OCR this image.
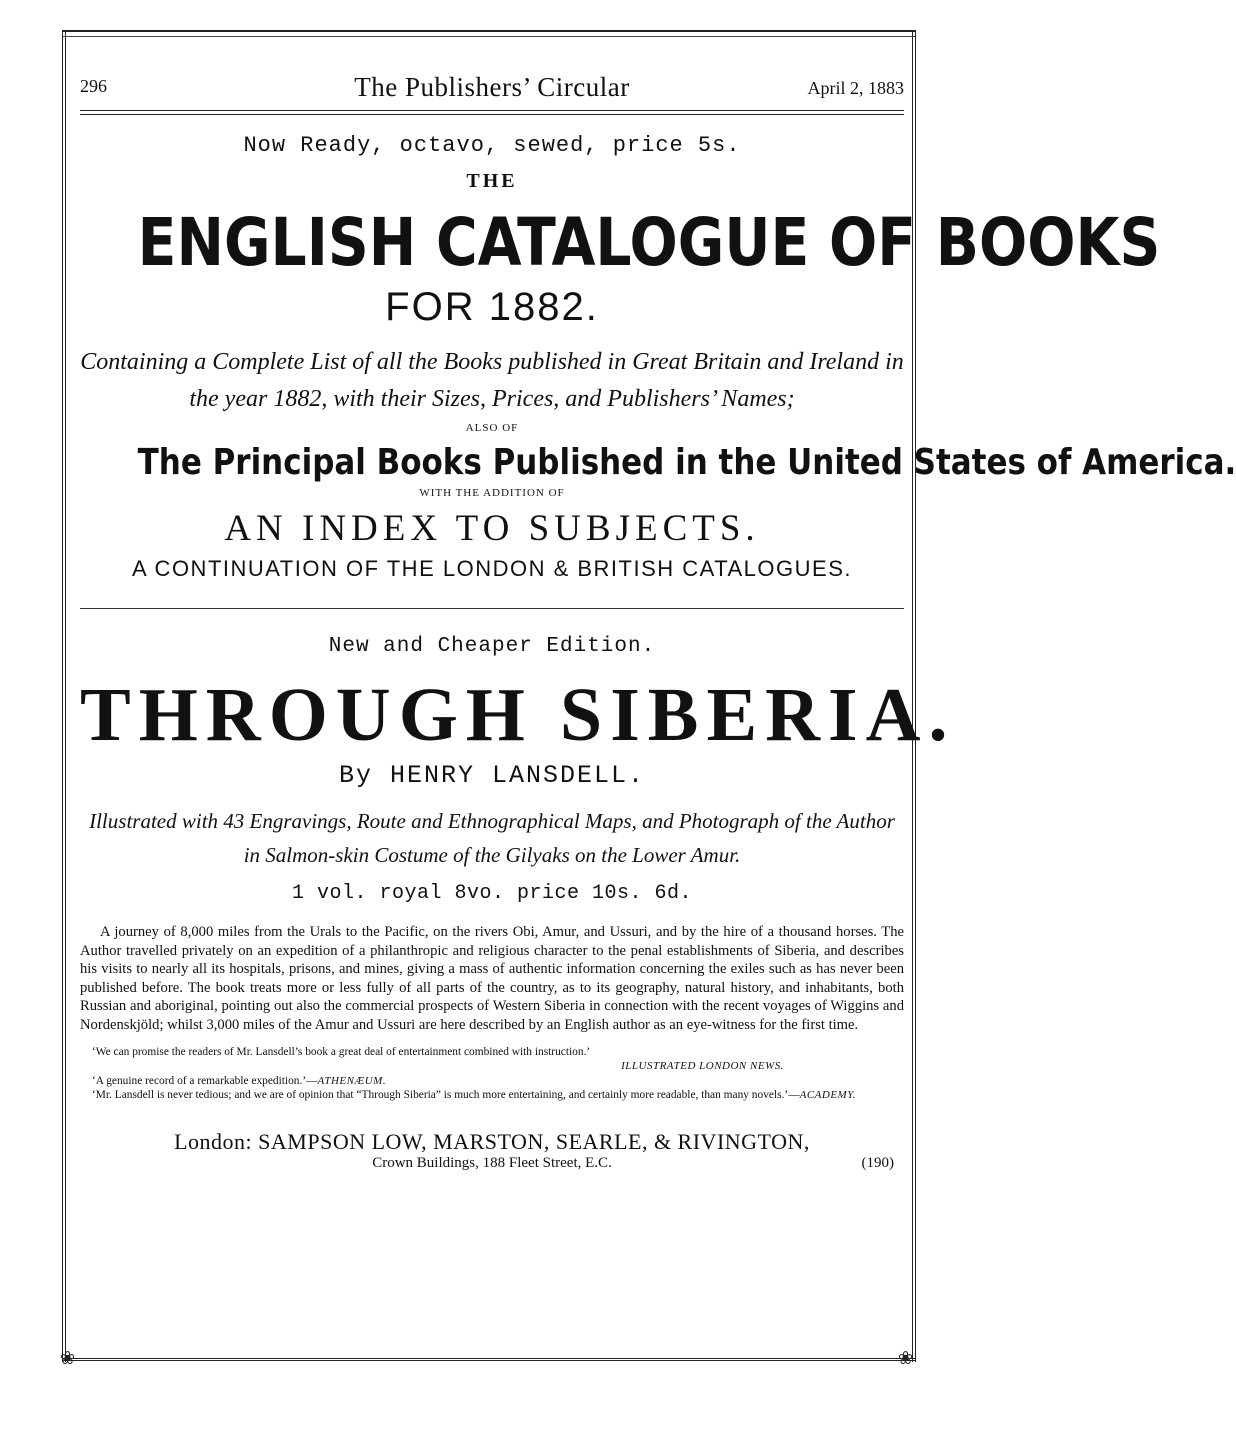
❀	❀
296	The Publishers’ Circular	April 2, 1883
Now Ready, octavo, sewed, price 5s.
THE
ENGLISH CATALOGUE OF BOOKS
FOR 1882.
Containing a Complete List of all the Books published in Great Britain and Ireland in the year 1882, with their Sizes, Prices, and Publishers’ Names;
ALSO OF
The Principal Books Published in the United States of America.
WITH THE ADDITION OF
AN INDEX TO SUBJECTS.
A CONTINUATION OF THE LONDON & BRITISH CATALOGUES.
New and Cheaper Edition.
THROUGH SIBERIA.
By HENRY LANSDELL.
Illustrated with 43 Engravings, Route and Ethnographical Maps, and Photograph of the Author in Salmon-skin Costume of the Gilyaks on the Lower Amur.
1 vol. royal 8vo. price 10s. 6d.
A journey of 8,000 miles from the Urals to the Pacific, on the rivers Obi, Amur, and Ussuri, and by the hire of a thousand horses. The Author travelled privately on an expedition of a philanthropic and religious character to the penal establishments of Siberia, and describes his visits to nearly all its hospitals, prisons, and mines, giving a mass of authentic information concerning the exiles such as has never been published before. The book treats more or less fully of all parts of the country, as to its geography, natural history, and inhabitants, both Russian and aboriginal, pointing out also the commercial prospects of Western Siberia in connection with the recent voyages of Wiggins and Nordenskjöld; whilst 3,000 miles of the Amur and Ussuri are here described by an English author as an eye-witness for the first time.

‘We can promise the readers of Mr. Lansdell’s book a great deal of entertainment combined with instruction.’

ILLUSTRATED LONDON NEWS.

‘A genuine record of a remarkable expedition.’—ATHENÆUM.

‘Mr. Lansdell is never tedious; and we are of opinion that “Through Siberia” is much more entertaining, and certainly more readable, than many novels.’—ACADEMY.

London: SAMPSON LOW, MARSTON, SEARLE, & RIVINGTON,
Crown Buildings, 188 Fleet Street, E.C.	(190)
